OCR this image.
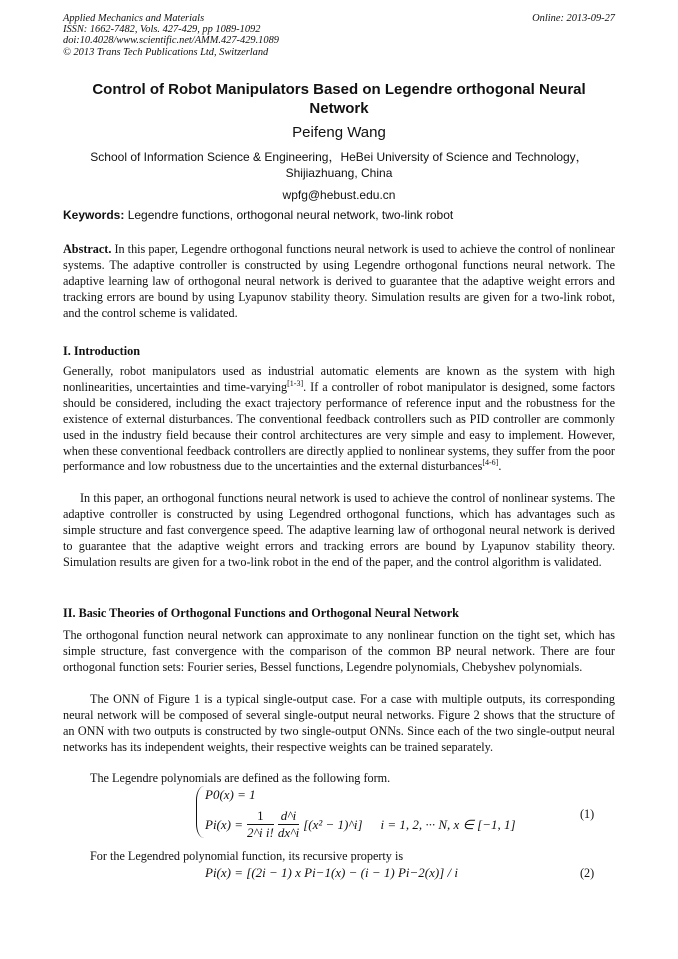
Applied Mechanics and Materials
ISSN: 1662-7482, Vols. 427-429, pp 1089-1092
doi:10.4028/www.scientific.net/AMM.427-429.1089
© 2013 Trans Tech Publications Ltd, Switzerland
Online: 2013-09-27
Control of Robot Manipulators Based on Legendre orthogonal Neural Network
Peifeng Wang
School of Information Science & Engineering，HeBei University of Science and Technology，Shijiazhuang, China
wpfg@hebust.edu.cn
Keywords: Legendre functions, orthogonal neural network, two-link robot
Abstract. In this paper, Legendre orthogonal functions neural network is used to achieve the control of nonlinear systems. The adaptive controller is constructed by using Legendre orthogonal functions neural network. The adaptive learning law of orthogonal neural network is derived to guarantee that the adaptive weight errors and tracking errors are bound by using Lyapunov stability theory. Simulation results are given for a two-link robot, and the control scheme is validated.
I. Introduction
Generally, robot manipulators used as industrial automatic elements are known as the system with high nonlinearities, uncertainties and time-varying[1-3]. If a controller of robot manipulator is designed, some factors should be considered, including the exact trajectory performance of reference input and the robustness for the existence of external disturbances. The conventional feedback controllers such as PID controller are commonly used in the industry field because their control architectures are very simple and easy to implement. However, when these conventional feedback controllers are directly applied to nonlinear systems, they suffer from the poor performance and low robustness due to the uncertainties and the external disturbances[4-6].
In this paper, an orthogonal functions neural network is used to achieve the control of nonlinear systems. The adaptive controller is constructed by using Legendred orthogonal functions, which has advantages such as simple structure and fast convergence speed. The adaptive learning law of orthogonal neural network is derived to guarantee that the adaptive weight errors and tracking errors are bound by Lyapunov stability theory. Simulation results are given for a two-link robot in the end of the paper, and the control algorithm is validated.
II. Basic Theories of Orthogonal Functions and Orthogonal Neural Network
The orthogonal function neural network can approximate to any nonlinear function on the tight set, which has simple structure, fast convergence with the comparison of the common BP neural network. There are four orthogonal function sets: Fourier series, Bessel functions, Legendre polynomials, Chebyshev polynomials.
The ONN of Figure 1 is a typical single-output case. For a case with multiple outputs, its corresponding neural network will be composed of several single-output neural networks. Figure 2 shows that the structure of an ONN with two outputs is constructed by two single-output ONNs. Since each of the two single-output neural networks has its independent weights, their respective weights can be trained separately.
The Legendre polynomials are defined as the following form.
P0(x) = 1
$Pi(x) = \frac{1}{\text{2\textasciicircum{}i i!}} \frac{d\^{}i}{dx\^{}i} [(x^2$ − 1)^i] i = 1, 2, ··· N, x ∈ [−1, 1]
(1)
For the Legendred polynomial function, its recursive property is
Pi(x) = [(2i − 1) x Pi−1(x) − (i − 1) Pi−2(x)] / i	(2)
